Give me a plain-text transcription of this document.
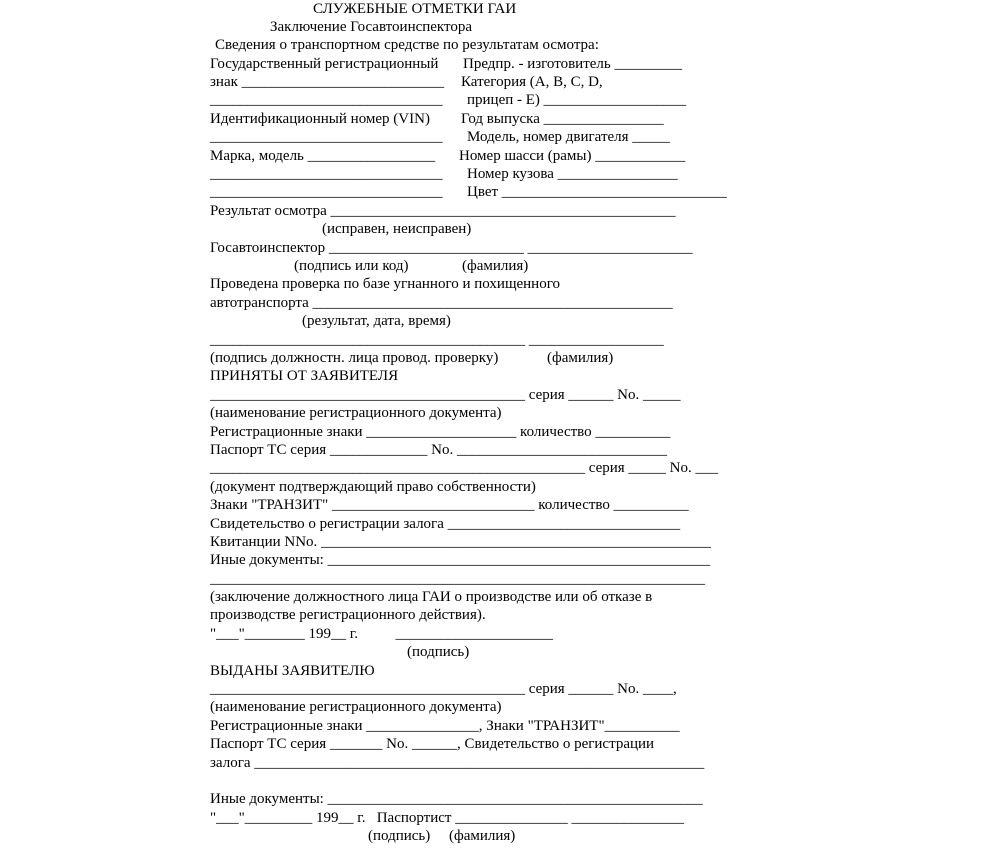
СЛУЖЕБНЫЕ ОТМЕТКИ ГАИ
Заключение Госавтоинспектора
Сведения о транспортном средстве по результатам осмотра:
Государственный регистрационный Предпр. - изготовитель _________
знак ___________________________ Категория (А, В, С, D,
_______________________________ прицеп - Е) ___________________
Идентификационный номер (VIN) Год выпуска ________________
_______________________________ Модель, номер двигателя _____
Марка, модель _________________ Номер шасси (рамы) ____________
_______________________________ Номер кузова ________________
_______________________________ Цвет ______________________________
Результат осмотра ______________________________________________
(исправен, неисправен)
Госавтоинспектор __________________________ ______________________
(подпись или код)	(фамилия)
Проведена проверка по базе угнанного и похищенного
автотранспорта ________________________________________________
(результат, дата, время)
__________________________________________ __________________
(подпись должностн. лица провод. проверку)	(фамилия)
ПРИНЯТЫ ОТ ЗАЯВИТЕЛЯ
__________________________________________ серия ______ No. _____
(наименование регистрационного документа)
Регистрационные знаки ____________________ количество __________
Паспорт ТС серия _____________ No. ____________________________
__________________________________________________ серия _____ No. ___
(документ подтверждающий право собственности)
Знаки "ТРАНЗИТ" ___________________________ количество __________
Свидетельство о регистрации залога _______________________________
Квитанции NNo. ____________________________________________________
Иные документы: ___________________________________________________
__________________________________________________________________
(заключение должностного лица ГАИ о производстве или об отказе в
производстве регистрационного действия).
"___"________ 199__ г.          _____________________
(подпись)
ВЫДАНЫ ЗАЯВИТЕЛЮ
__________________________________________ серия ______ No. ____,
(наименование регистрационного документа)
Регистрационные знаки _______________, Знаки "ТРАНЗИТ"__________
Паспорт ТС серия _______ No. ______, Свидетельство о регистрации
залога ____________________________________________________________
Иные документы: __________________________________________________
"___"_________ 199__ г.   Паспортист _______________ _______________
(подпись) (фамилия)
